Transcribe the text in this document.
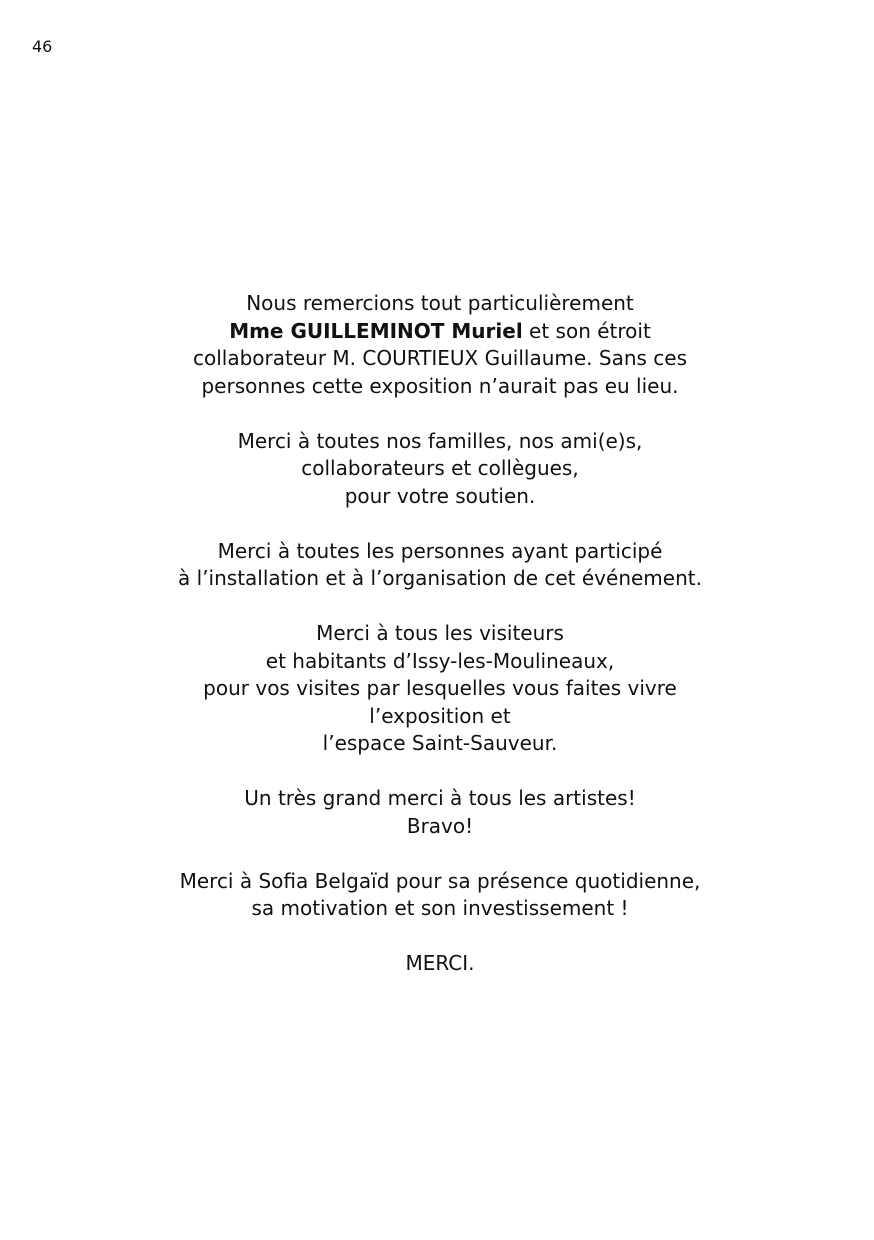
46

Nous remercions tout particulièrement
Mme GUILLEMINOT Muriel et son étroit
collaborateur M. COURTIEUX Guillaume. Sans ces
personnes cette exposition n’aurait pas eu lieu.

Merci à toutes nos familles, nos ami(e)s,
collaborateurs et collègues,
pour votre soutien.

Merci à toutes les personnes ayant participé
à l’installation et à l’organisation de cet événement.

Merci à tous les visiteurs
et habitants d’Issy-les-Moulineaux,
pour vos visites par lesquelles vous faites vivre
l’exposition et
l’espace Saint-Sauveur.

Un très grand merci à tous les artistes!
Bravo!

Merci à Sofia Belgaïd pour sa présence quotidienne,
sa motivation et son investissement !

MERCI.
